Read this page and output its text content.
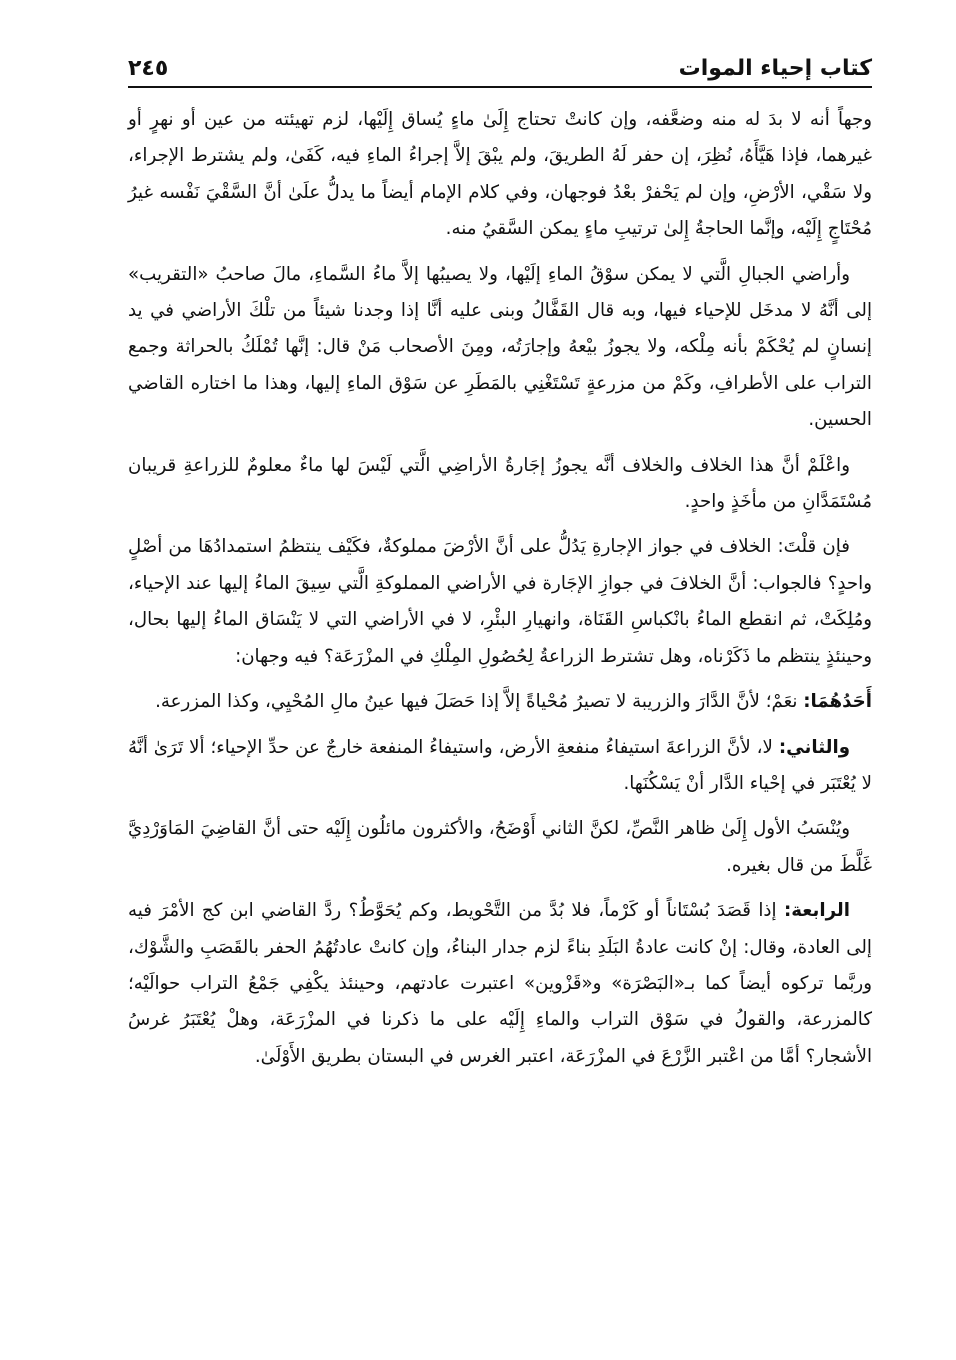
كتاب إحياء الموات
٢٤٥

وجهاً أنه لا بدَ له منه وضعَّفه، وإن كانتْ تحتاج إِلَىٰ ماءٍ يُساق إِلَيْها، لزم تهيئته من عين أو نهرٍ أو غيرهما، فإذا هَيَّأَهُ، نُظِرَ، إن حفر لَهُ الطريقَ، ولم يبْقَ إلاَّ إجراءُ الماءِ فيه، كَفَىٰ، ولم يشترط الإجراء، ولا سَقْي، الأرْضِ، وإن لم يَحْفرْ بعْدُ فوجهان، وفي كلام الإمام أيضاً ما يدلُّ علَىٰ أنَّ السَّقْيَ نَفْسه غيرُ مُحْتَاجٍ إِلَيْه، وإنَّما الحاجةُ إِلىٰ ترتيبِ ماءٍ يمكن السَّقيُ منه.

وأراضي الجبالِ الَّتي لا يمكن سوْقُ الماءِ إلَيْها، ولا يصيبُها إلاَّ ماءُ السَّماءِ، مالَ صاحبُ «التقريب» إلى أنَّهُ لا مدخَل للإحياء فيها، وبه قال القَفَّالُ وبنى عليه أنَّا إذا وجدنا شيئاً من تلْكَ الأراضي في يد إنسانٍ لم يُحْكَمْ بأنه مِلْكه، ولا يجوزُ بيْعهُ وإجارَتُه، ومِنَ الأصحاب مَنْ قال: إنَّها تُمْلَكُ بالحراثة وجمع التراب على الأطرافِ، وكَمْ من مزرعةٍ تَسْتَغْنِي بالمَطَرِ عن سَوْق الماءِ إليها، وهذا ما اختاره القاضي الحسين.

واعْلَمْ أنَّ هذا الخلاف والخلاف أنَّه يجوزُ إجَارةُ الأراضِي الَّتي لَيْسَ لها ماءٌ معلومٌ للزراعةِ قريبان مُسْتَمَدَّانِ من مأخَذٍ واحدٍ.

فإن قلْتَ: الخلاف في جواز الإجارةِ يَدُلُّ على أنَّ الأرْضَ مملوكةٌ، فكَيْف ينتظمُ استمدادُهَا من أصْلٍ واحدٍ؟ فالجواب: أنَّ الخلافَ في جوازِ الإجَارة في الأراضي المملوكةِ الَّتي سِيقَ الماءُ إليها عند الإحياء، ومُلِكَتْ، ثم انقطع الماءُ بانْكباسِ القَنَاة، وانهيارِ البئْرِ، لا في الأراضي التي لا يَنْسَاق الماءُ إليها بحال، وحينئذٍ ينتظم ما ذَكَرْناه، وهل تشترط الزراعةُ لِحُصُولِ المِلْكِ في المزْرَعَة؟ فيه وجهان:

أَحَدُهُمَا: نعَمْ؛ لأنَّ الدَّارَ والزريبة لا تصيرُ مُحْياةً إلاَّ إذا حَصَلَ فيها عينُ مالِ المُحْيِي، وكذا المزرعة.

والثاني: لا، لأنَّ الزراعةَ استيفاءُ منفعةِ الأرض، واستيفاءُ المنفعة خارجٌ عن حدِّ الإحياء؛ ألا تَرَىٰ أنَّهُ لا يُعْتَبَر في إحْياء الدَّار أنْ يَسْكُنَها.

ويُنْسَبُ الأول إِلَىٰ ظاهر النَّصِّ، لكنَّ الثاني أَوْضَحُ، والأكثرون مائلُون إِلَيْه حتى أنَّ القاضِيَ المَاوَرْدِيَّ غَلَّطَ من قال بغيره.

الرابعة: إذا قَصَدَ بُسْتَاناً أو كَرْماً، فلا بُدَّ من التَّحْويط، وكم يُحَوَّطُ؟ ردَّ القاضي ابن كج الأمْرَ فيه إلى العادة، وقال: إنْ كانت عادةُ البَلَدِ بناءً لزم جدار البناءُ، وإن كانتْ عادتُهُمُ الحفر بالقَصَبِ والشَّوْك، وربَّما تركوه أيضاً كما بـ«البَصْرَة» و«قَزْوين» اعتبرت عادتهم، وحينئذ يكْفِي جَمْعُ التراب حوالَيْه؛ كالمزرعة، والقولُ في سَوْق التراب والماءِ إِلَيْه على ما ذكرنا في المزْرَعَة، وهلْ يُعْتَبَرُ غرسُ الأشجار؟ أمَّا من اعْتبر الزَّرْعَ في المزْرَعَة، اعتبر الغرس في البستان بطريق الأَوْلَىٰ.
